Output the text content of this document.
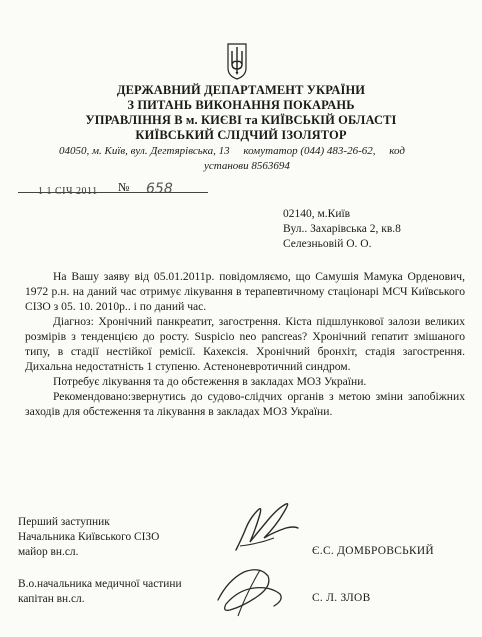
ДЕРЖАВНИЙ ДЕПАРТАМЕНТ УКРАЇНИ
З ПИТАНЬ ВИКОНАННЯ ПОКАРАНЬ
УПРАВЛІННЯ В м. КИЄВІ та КИЇВСЬКІЙ ОБЛАСТІ
КИЇВСЬКИЙ СЛІДЧИЙ ІЗОЛЯТОР
04050, м. Київ, вул. Дегтярівська, 13     комутатор (044) 483-26-62,     код
установи 8563694
1 1 СІЧ 2011 № 658
02140, м.Київ
Вул.. Захарівська 2, кв.8
Селезньовій О. О.

На Вашу заяву від 05.01.2011р. повідомляємо, що Самушія Мамука Орденович, 1972 р.н. на даний час отримує лікування в терапевтичному стаціонарі МСЧ Київського СІЗО з 05. 10. 2010р.. і по даний час.

Діагноз: Хронічний панкреатит, загострення. Кіста підшлункової залози великих розмірів з тенденцією до росту. Suspicio neo pancreas? Хронічний гепатит змішаного типу, в стадії нестійкої ремісії. Кахексія. Хронічний бронхіт, стадія загострення. Дихальна недостатність 1 ступеню. Астеноневротичний синдром.

Потребує лікування та до обстеження в закладах МОЗ України.

Рекомендовано:звернутись до судово-слідчих органів з метою зміни запобіжних заходів для обстеження та лікування в закладах МОЗ України.

Перший заступник
Начальника Київського СІЗО
майор вн.сл.	Є.С. ДОМБРОВСЬКИЙ
В.о.начальника медичної частини
капітан вн.сл.	С. Л. ЗЛОВ
